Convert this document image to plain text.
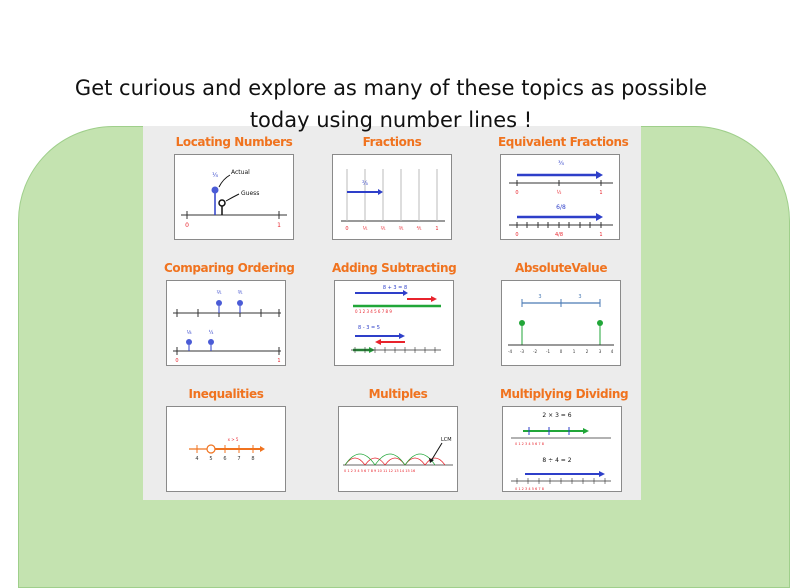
Get curious and explore as many of these topics as possible
today using number lines !
Locating Numbers
0	1
¼ Actual
Guess
Fractions
⅖
0	⅕	⅖	⅗	⅘	1
Equivalent Fractions
¾
0	½	1
6/8
0	4/8	1
Comparing Ordering
⅖	⅗
⅛	¼
0	1
Adding Subtracting
8 + 3 = 8
0 1 2 3 4 5 6 7 8 9
8 - 3 = 5
AbsoluteValue
3	3
-4 -3 -2 -1 0	1	2	3 4
Inequalities
x > 5
4 5 6 7 8
Multiples
0 1 2 3 4 5 6 7 8 9 10 11 12 13 14 15 16
LCM
Multiplying Dividing
2 × 3 = 6
0 1 2 3 4 5 6 7 8
8 ÷ 4 = 2
0 1 2 3 4 5 6 7 8
